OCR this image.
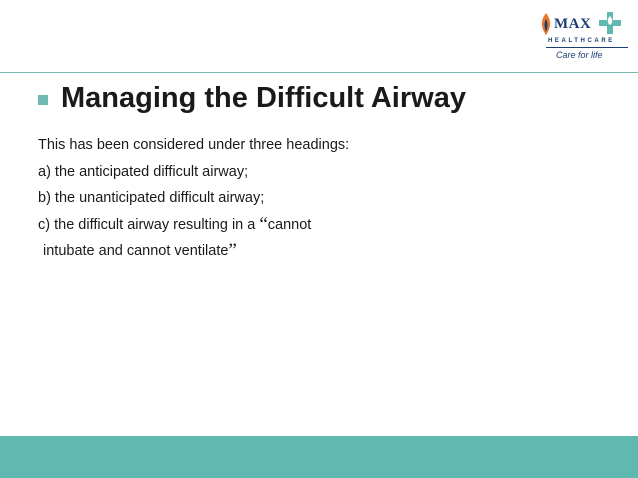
MAX
HEALTHCARE
Care for life
Managing the Difficult Airway
This has been considered under three headings:
a) the anticipated difficult airway;
b) the unanticipated difficult airway;
c) the difficult airway resulting in a “cannot
intubate and cannot ventilate”
